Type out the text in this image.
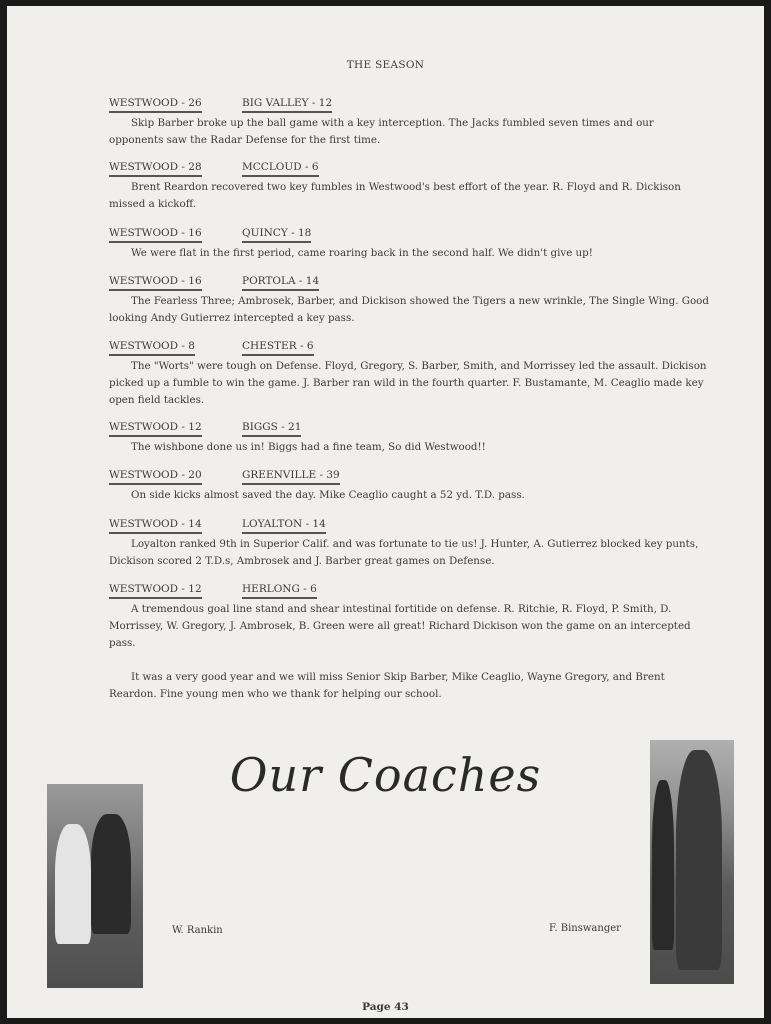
THE SEASON
WESTWOOD - 26	BIG VALLEY - 12
Skip Barber broke up the ball game with a key interception. The Jacks fumbled seven times and our opponents saw the Radar Defense for the first time.
WESTWOOD - 28	MCCLOUD - 6
Brent Reardon recovered two key fumbles in Westwood's best effort of the year. R. Floyd and R. Dickison missed a kickoff.
WESTWOOD - 16	QUINCY - 18
We were flat in the first period, came roaring back in the second half. We didn't give up!
WESTWOOD - 16	PORTOLA - 14
The Fearless Three; Ambrosek, Barber, and Dickison showed the Tigers a new wrinkle, The Single Wing. Good looking Andy Gutierrez intercepted a key pass.
WESTWOOD - 8	CHESTER - 6
The "Worts" were tough on Defense. Floyd, Gregory, S. Barber, Smith, and Morrissey led the assault. Dickison picked up a fumble to win the game. J. Barber ran wild in the fourth quarter. F. Bustamante, M. Ceaglio made key open field tackles.
WESTWOOD - 12	BIGGS - 21
The wishbone done us in! Biggs had a fine team, So did Westwood!!
WESTWOOD - 20	GREENVILLE - 39
On side kicks almost saved the day. Mike Ceaglio caught a 52 yd. T.D. pass.
WESTWOOD - 14	LOYALTON - 14
Loyalton ranked 9th in Superior Calif. and was fortunate to tie us! J. Hunter, A. Gutierrez blocked key punts, Dickison scored 2 T.D.s, Ambrosek and J. Barber great games on Defense.
WESTWOOD - 12	HERLONG - 6
A tremendous goal line stand and shear intestinal fortitide on defense. R. Ritchie, R. Floyd, P. Smith, D. Morrissey, W. Gregory, J. Ambrosek, B. Green were all great! Richard Dickison won the game on an intercepted pass.
It was a very good year and we will miss Senior Skip Barber, Mike Ceaglio, Wayne Gregory, and Brent Reardon. Fine young men who we thank for helping our school.
Our Coaches
W. Rankin	F. Binswanger
Page 43
